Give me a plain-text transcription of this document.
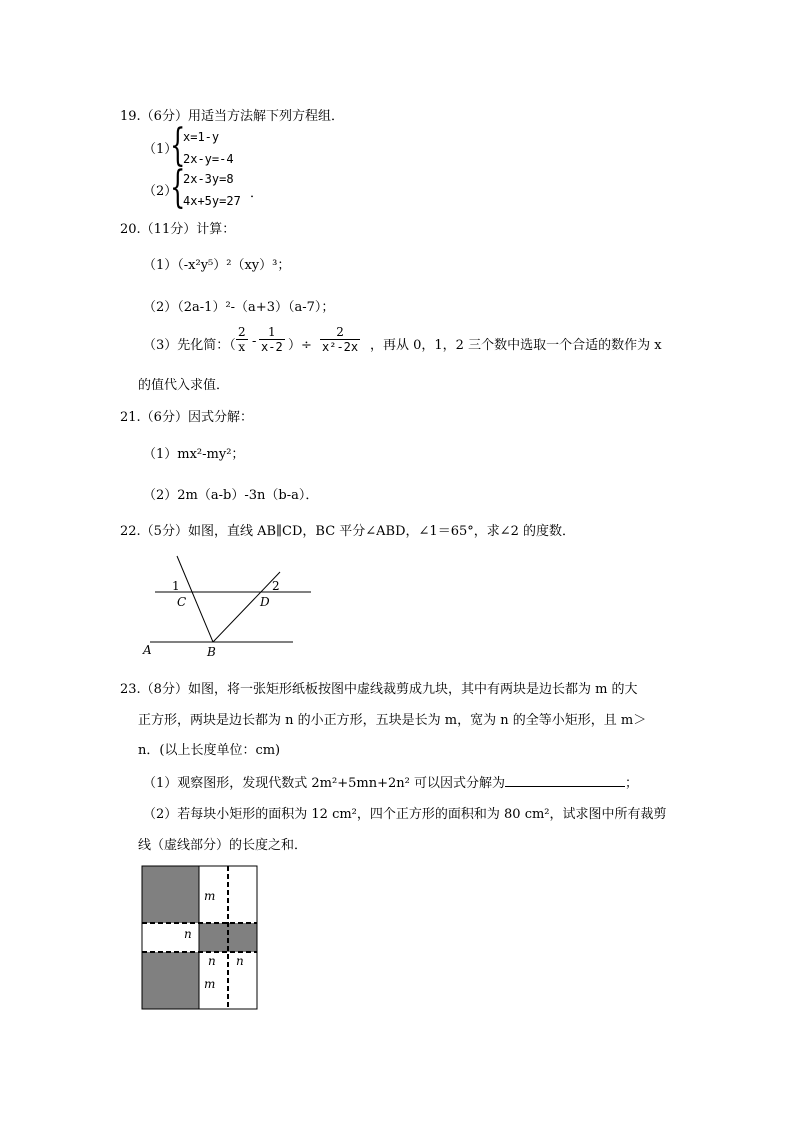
19.（6分）用适当方法解下列方程组．
（1）
{
x=1-y
2x-y=-4
（2）
{
2x-3y=8
4x+5y=27 ．
20.（11分）计算：
（1）（-x²y⁵）²（xy）³；
（2）（2a-1）²-（a+3）（a-7）；
（3）先化简：（
2
x -
1
x-2 ）÷
2
x²-2x ，再从 0，1，2 三个数中选取一个合适的数作为 x
的值代入求值．
21.（6分）因式分解：
（1）mx²-my²；
（2）2m（a-b）-3n（b-a）．
22.（5分）如图，直线 AB∥CD，BC 平分∠ABD，∠1＝65°，求∠2 的度数．
1	2
C	D
A	B
23.（8分）如图，将一张矩形纸板按图中虚线裁剪成九块，其中有两块是边长都为 m 的大
正方形，两块是边长都为 n 的小正方形，五块是长为 m，宽为 n 的全等小矩形，且 m＞
n．(以上长度单位：cm)
（1）观察图形，发现代数式 2m²+5mn+2n² 可以因式分解为	；
（2）若每块小矩形的面积为 12 cm²，四个正方形的面积和为 80 cm²，试求图中所有裁剪
线（虚线部分）的长度之和．
m
n
n n
m
